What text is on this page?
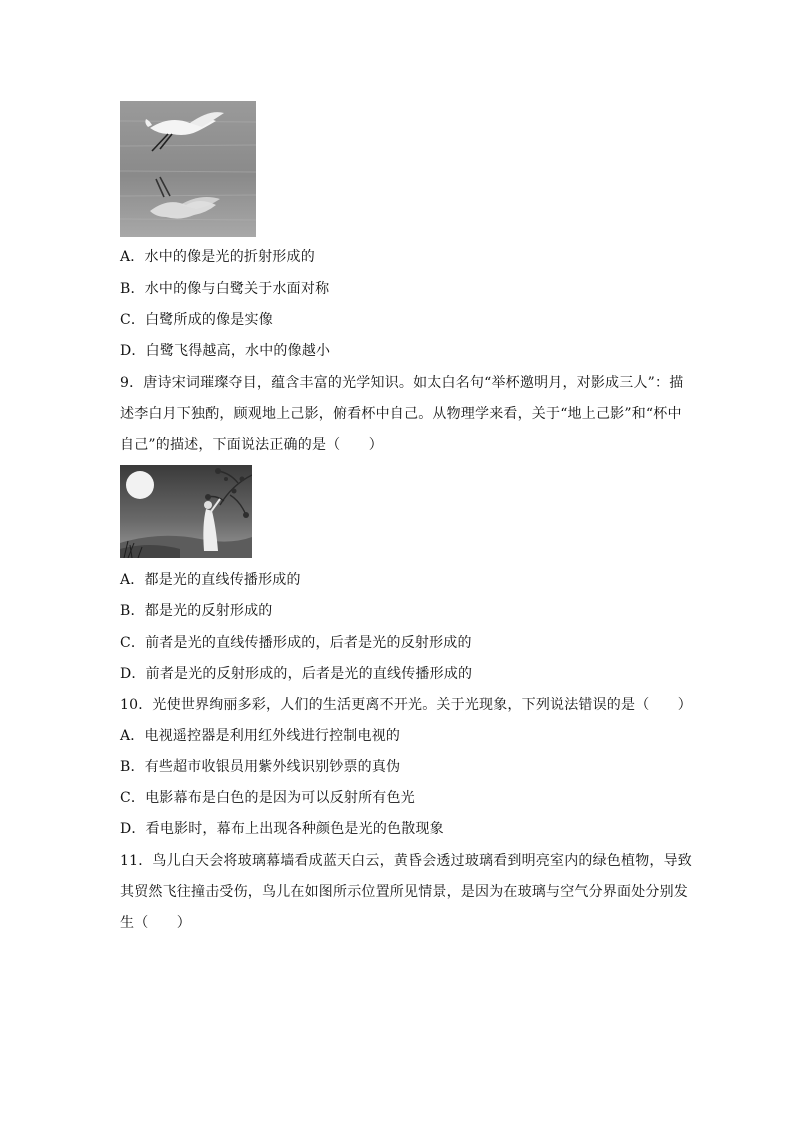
A．水中的像是光的折射形成的
B．水中的像与白鹭关于水面对称
C．白鹭所成的像是实像
D．白鹭飞得越高，水中的像越小
9．唐诗宋词璀璨夺目，蕴含丰富的光学知识。如太白名句“举杯邀明月，对影成三人”：描
述李白月下独酌，顾观地上己影，俯看杯中自己。从物理学来看，关于“地上己影”和“杯中
自己”的描述，下面说法正确的是（　　）
A．都是光的直线传播形成的
B．都是光的反射形成的
C．前者是光的直线传播形成的，后者是光的反射形成的
D．前者是光的反射形成的，后者是光的直线传播形成的
10．光使世界绚丽多彩，人们的生活更离不开光。关于光现象，下列说法错误的是（　　）
A．电视遥控器是利用红外线进行控制电视的
B．有些超市收银员用紫外线识别钞票的真伪
C．电影幕布是白色的是因为可以反射所有色光
D．看电影时，幕布上出现各种颜色是光的色散现象
11．鸟儿白天会将玻璃幕墙看成蓝天白云，黄昏会透过玻璃看到明亮室内的绿色植物，导致
其贸然飞往撞击受伤，鸟儿在如图所示位置所见情景，是因为在玻璃与空气分界面处分别发
生（　　）
